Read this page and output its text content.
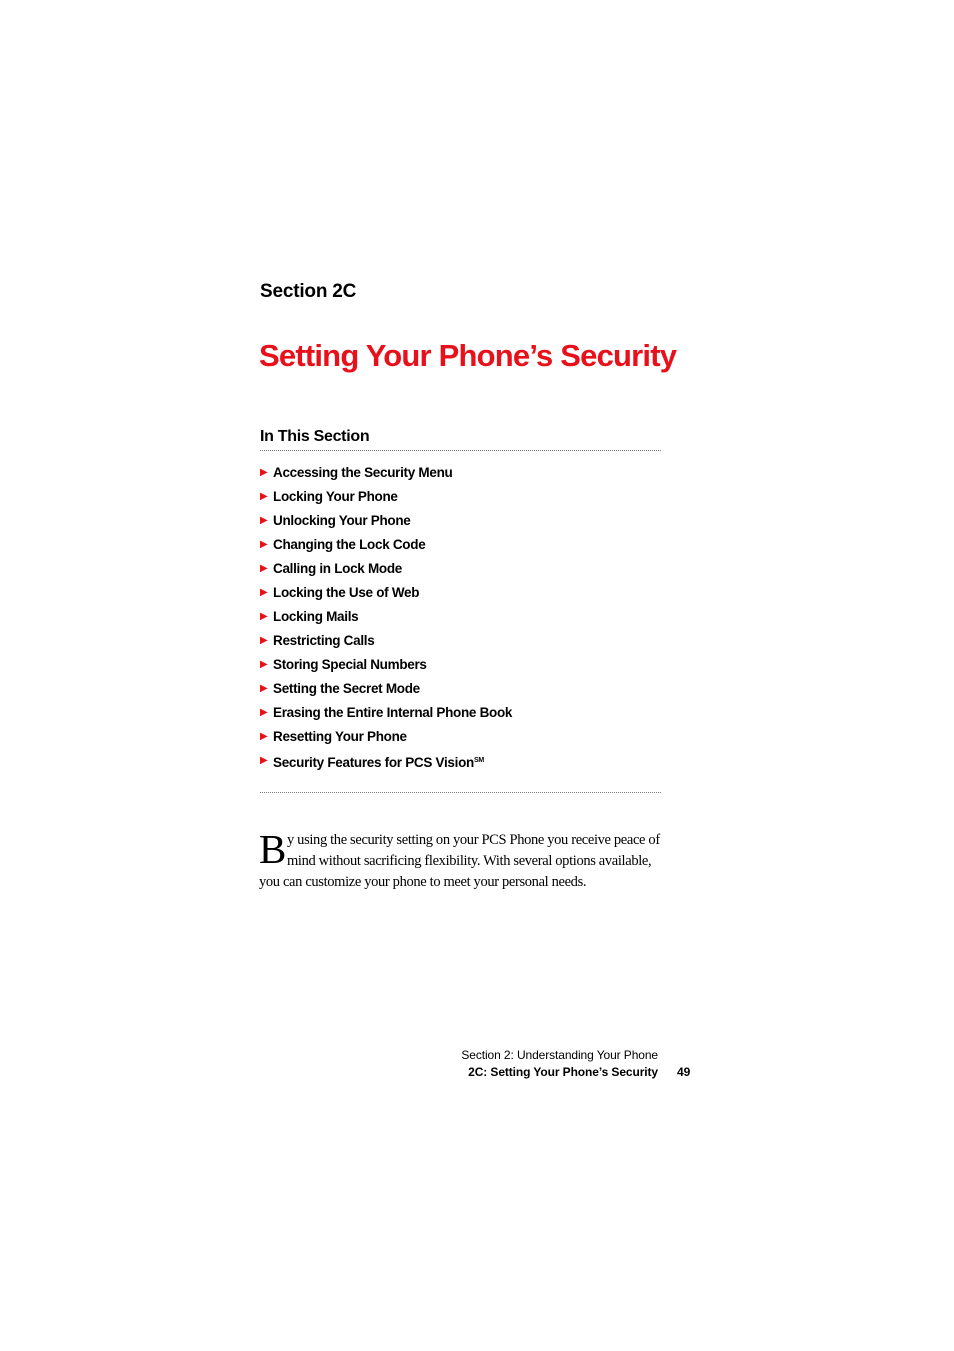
Section 2C
Setting Your Phone’s Security
In This Section
▶ Accessing the Security Menu
▶ Locking Your Phone
▶ Unlocking Your Phone
▶ Changing the Lock Code
▶ Calling in Lock Mode
▶ Locking the Use of Web
▶ Locking Mails
▶ Restricting Calls
▶ Storing Special Numbers
▶ Setting the Secret Mode
▶ Erasing the Entire Internal Phone Book
▶ Resetting Your Phone
▶ Security Features for PCS Vision℠
By using the security setting on your PCS Phone you receive peace of mind without sacrificing flexibility. With several options available, you can customize your phone to meet your personal needs.
Section 2: Understanding Your Phone
2C: Setting Your Phone’s Security 49
